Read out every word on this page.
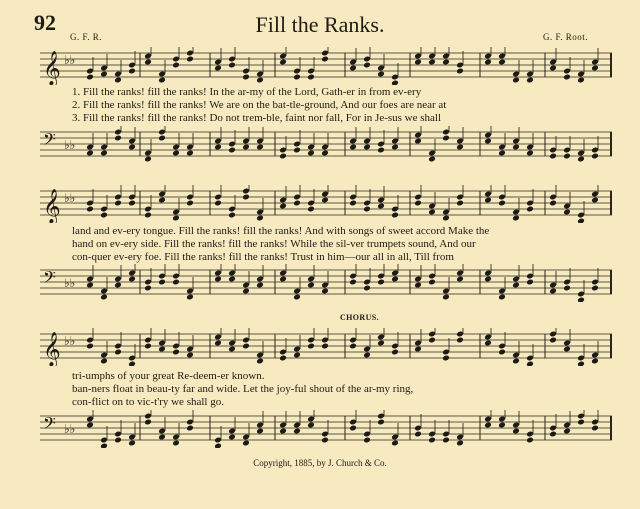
92	Fill the Ranks.
G. F. R.	G. F. Root.
𝄞 ♭♭
1. Fill the ranks! fill the ranks! In the ar-my of the Lord, Gath-er in from ev-ery
2. Fill the ranks! fill the ranks! We are on the bat-tle-ground, And our foes are near at
3. Fill the ranks! fill the ranks! Do not trem-ble, faint nor fall, For in Je-sus we shall
𝄢 ♭♭
𝄞 ♭♭
land and ev-ery tongue. Fill the ranks! fill the ranks! And with songs of sweet accord Make the
hand on ev-ery side. Fill the ranks! fill the ranks! While the sil-ver trumpets sound, And our
con-quer ev-ery foe. Fill the ranks! fill the ranks! Trust in him—our all in all, Till from
𝄢 ♭♭
CHORUS.
𝄞 ♭♭
tri-umphs of your great Re-deem-er known.
ban-ners float in beau-ty far and wide. Let the joy-ful shout of the ar-my ring,
con-flict on to vic-t'ry we shall go.
𝄢 ♭♭
Copyright, 1885, by J. Church & Co.
